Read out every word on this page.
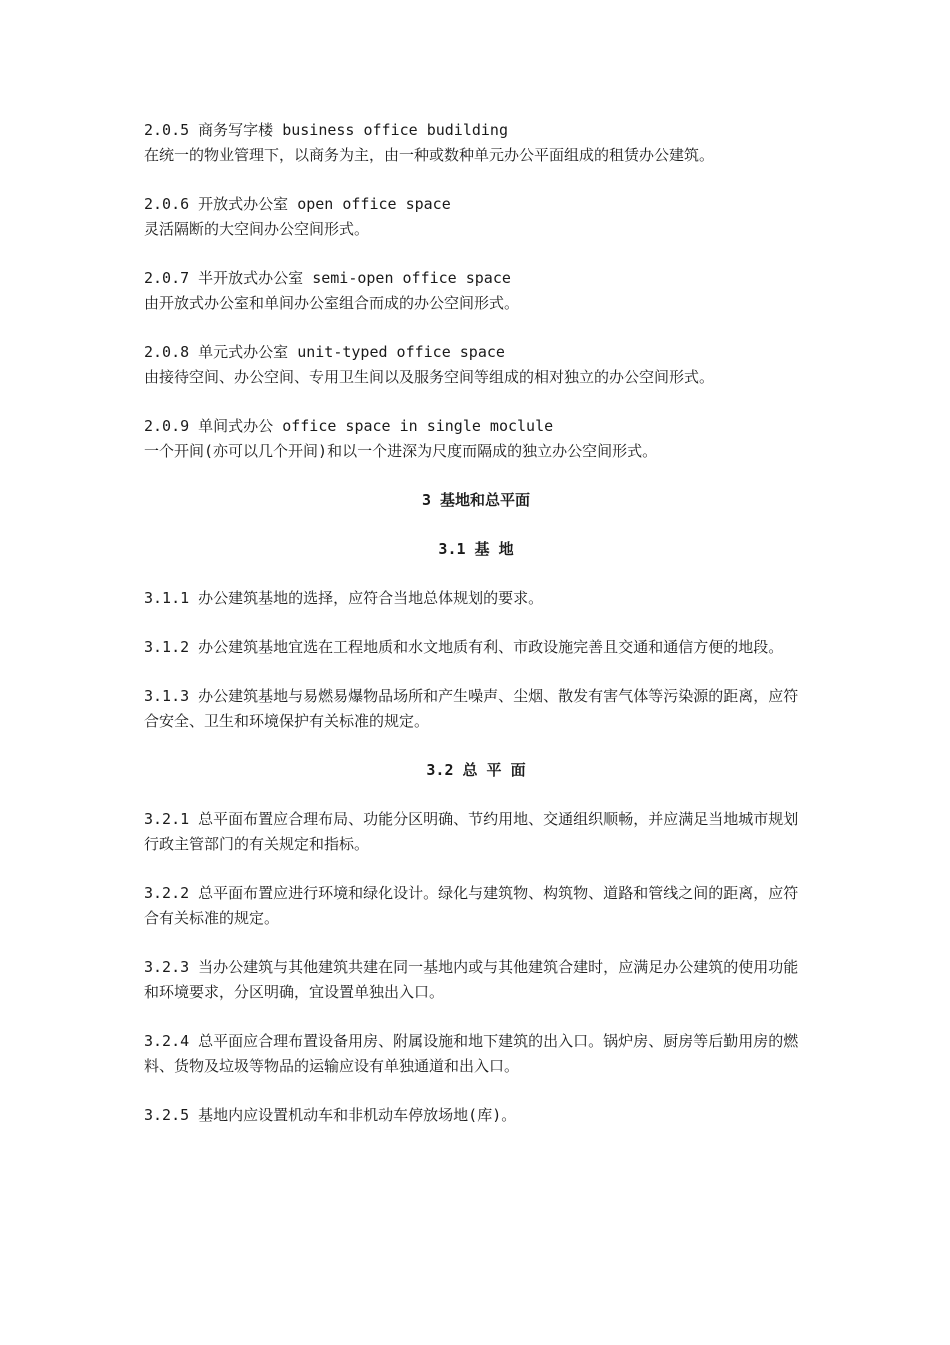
2.0.5 商务写字楼 business office budilding
在统一的物业管理下，以商务为主，由一种或数种单元办公平面组成的租赁办公建筑。
2.0.6 开放式办公室 open office space
灵活隔断的大空间办公空间形式。
2.0.7 半开放式办公室 semi-open office space
由开放式办公室和单间办公室组合而成的办公空间形式。
2.0.8 单元式办公室 unit-typed office space
由接待空间、办公空间、专用卫生间以及服务空间等组成的相对独立的办公空间形式。
2.0.9 单间式办公 office space in single moclule
一个开间(亦可以几个开间)和以一个进深为尺度而隔成的独立办公空间形式。
3 基地和总平面
3.1 基 地
3.1.1 办公建筑基地的选择，应符合当地总体规划的要求。
3.1.2 办公建筑基地宜选在工程地质和水文地质有利、市政设施完善且交通和通信方便的地段。
3.1.3 办公建筑基地与易燃易爆物品场所和产生噪声、尘烟、散发有害气体等污染源的距离，应符合安全、卫生和环境保护有关标准的规定。
3.2 总 平 面
3.2.1 总平面布置应合理布局、功能分区明确、节约用地、交通组织顺畅，并应满足当地城市规划行政主管部门的有关规定和指标。
3.2.2 总平面布置应进行环境和绿化设计。绿化与建筑物、构筑物、道路和管线之间的距离，应符合有关标准的规定。
3.2.3 当办公建筑与其他建筑共建在同一基地内或与其他建筑合建时，应满足办公建筑的使用功能和环境要求，分区明确，宜设置单独出入口。
3.2.4 总平面应合理布置设备用房、附属设施和地下建筑的出入口。锅炉房、厨房等后勤用房的燃料、货物及垃圾等物品的运输应设有单独通道和出入口。
3.2.5 基地内应设置机动车和非机动车停放场地(库)。
